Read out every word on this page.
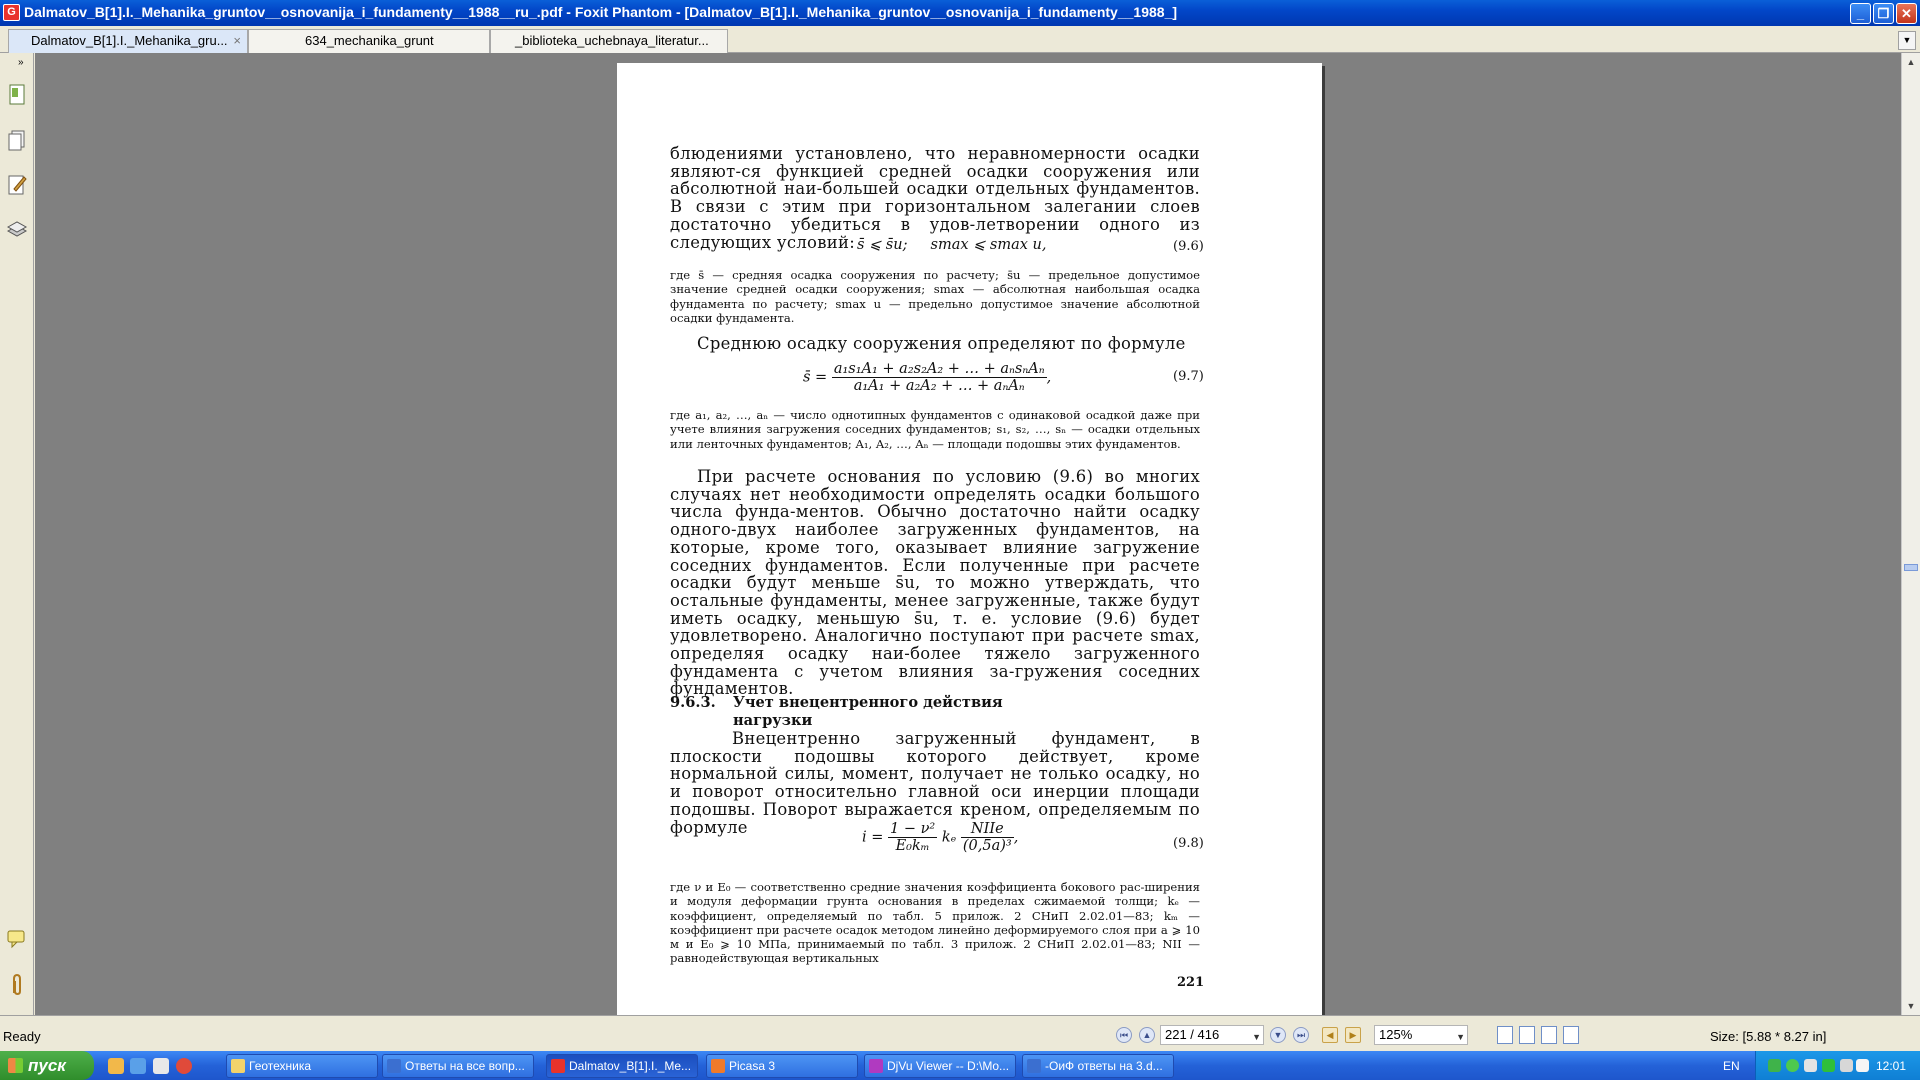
G Dalmatov_B[1].I._Mehanika_gruntov__osnovanija_i_fundamenty__1988__ru_.pdf - Foxit Phantom - [Dalmatov_B[1].I._Mehanika_gruntov__osnovanija_i_fundamenty__1988_]	_	❐ ✕
Dalmatov_B[1].I._Mehanika_gru... ×	634_mechanika_grunt	_biblioteka_uchebnaya_literatur...	▼
»
блюдениями установлено, что неравномерности осадки являют-ся функцией средней осадки сооружения или абсолютной наи-большей осадки отдельных фундаментов. В связи с этим при горизонтальном залегании слоев достаточно убедиться в удов-летворении одного из следующих условий: s̄ ⩽ s̄u; smax ⩽ smax u,	(9.6)
где s̄ — средняя осадка сооружения по расчету; s̄u — предельное допустимое значение средней осадки сооружения; smax — абсолютная наибольшая осадка фундамента по расчету; smax u — предельно допустимое значение абсолютной осадки фундамента.
Среднюю осадку сооружения определяют по формуле
s̄ = $\frac{\text{a₁s₁A₁ + a₂s₂A₂ + … + aₙsₙAₙ}}{\text{a₁A₁ + a₂A₂ + … + aₙAₙ}}$ ,	(9.7)
где a₁, a₂, …, aₙ — число однотипных фундаментов с одинаковой осадкой даже при учете влияния загружения соседних фундаментов; s₁, s₂, …, sₙ — осадки отдельных или ленточных фундаментов; A₁, A₂, …, Aₙ — площади подошвы этих фундаментов.
При расчете основания по условию (9.6) во многих случаях нет необходимости определять осадки большого числа фунда-ментов. Обычно достаточно найти осадку одного-двух наиболее загруженных фундаментов, на которые, кроме того, оказывает влияние загружение соседних фундаментов. Если полученные при расчете осадки будут меньше s̄u, то можно утверждать, что остальные фундаменты, менее загруженные, также будут иметь осадку, меньшую s̄u, т. е. условие (9.6) будет удовлетворено. Аналогично поступают при расчете smax, определяя осадку наи-более тяжело загруженного фундамента с учетом влияния за-гружения соседних фундаментов.
9.6.3. Учет внецентренного действия
нагрузки
Внецентренно загруженный фундамент, в плоскости подошвы которого действует, кроме нормальной силы, момент, получает не только осадку, но и поворот относительно главной оси инерции площади подошвы. Поворот выражается креном, определяемым по формуле
$i = \frac{\text{1 − ν²}}{\text{E₀kₘ}}$ kₑ $\frac{\text{NIIe}}{\text{(0,5a)³}}$ ,	(9.8)
где ν и E₀ — соответственно средние значения коэффициента бокового рас-ширения и модуля деформации грунта основания в пределах сжимаемой толщи; kₑ — коэффициент, определяемый по табл. 5 прилож. 2 СНиП 2.02.01—83; kₘ — коэффициент при расчете осадок методом линейно деформируемого слоя при a ⩾ 10 м и E₀ ⩾ 10 МПа, принимаемый по табл. 3 прилож. 2 СНиП 2.02.01—83; NII — равнодействующая вертикальных
221
▲
▼
Ready	⏮	▲	221 / 416	▼	▼	⏭	◀	▶	125%	▼	Size: [5.88 * 8.27 in]
пуск	Геотехника	Ответы на все вопр...	Dalmatov_B[1].I._Me...	Picasa 3	DjVu Viewer -- D:\Mo...	-ОиФ ответы на 3.d...	EN	12:01
